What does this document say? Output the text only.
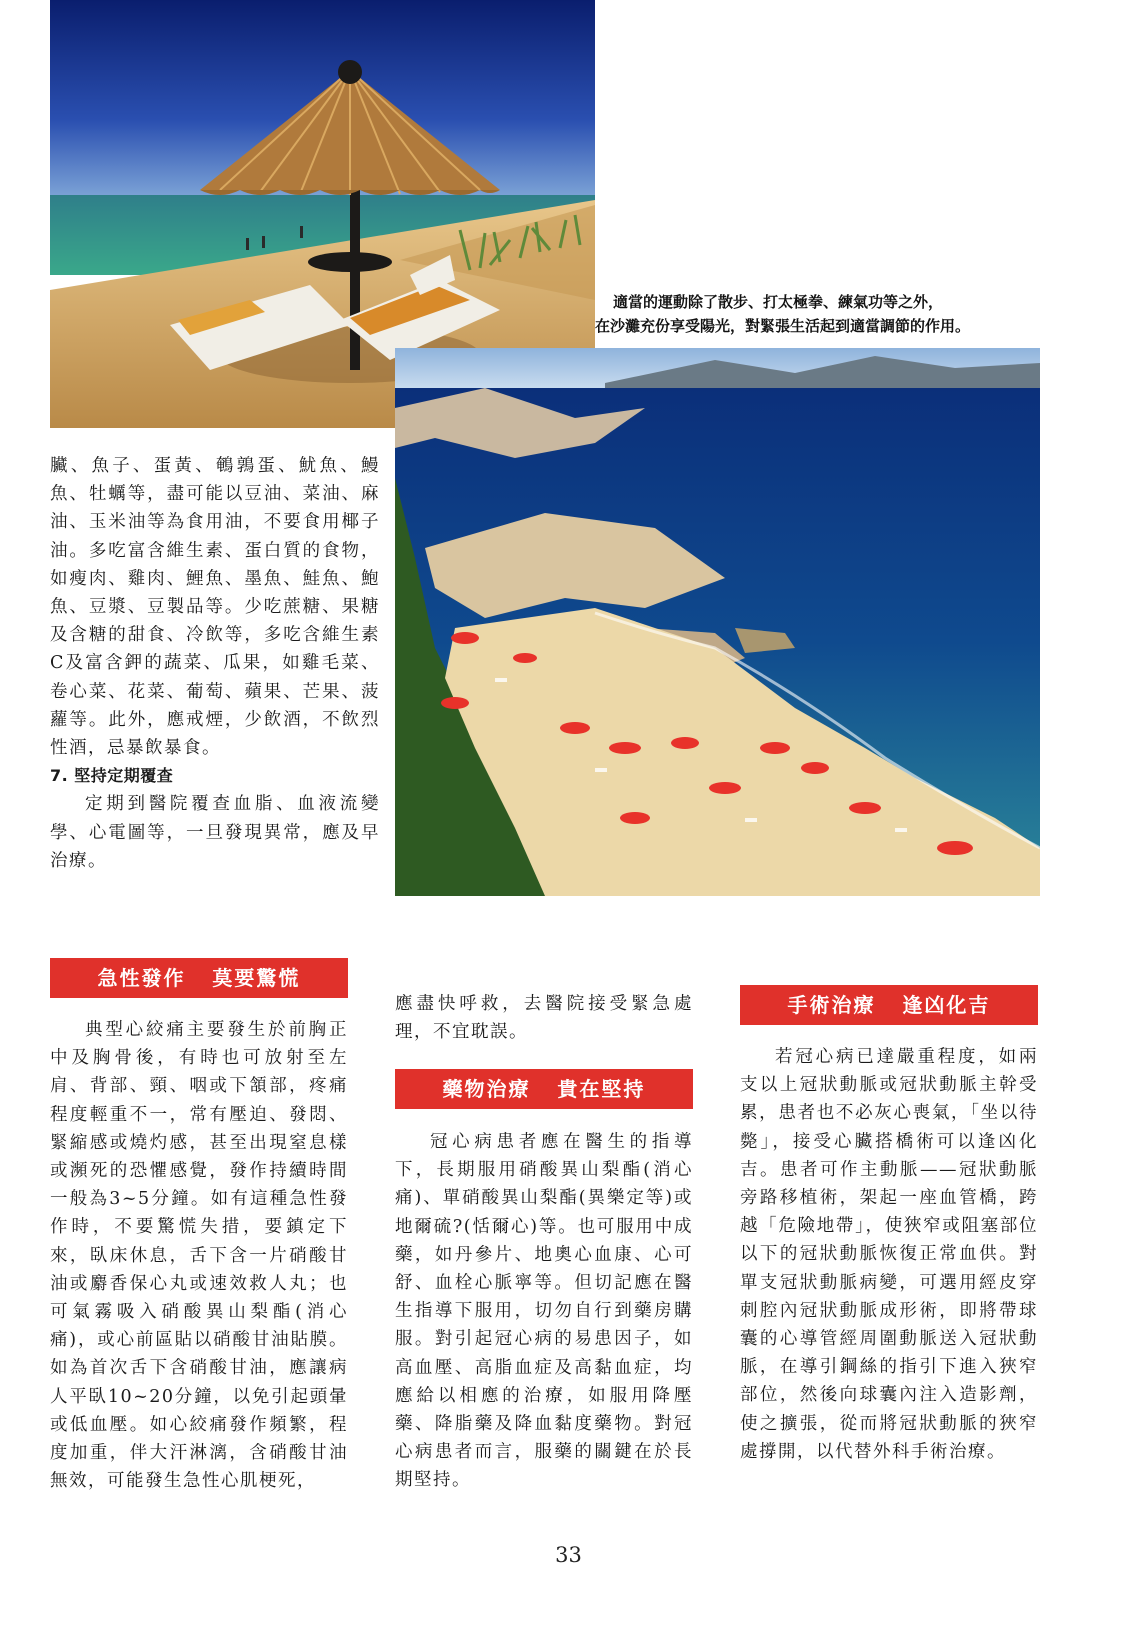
適當的運動除了散步、打太極拳、練氣功等之外，
在沙灘充份享受陽光，對緊張生活起到適當調節的作用。

臟、魚子、蛋黃、鵪鶉蛋、魷魚、鰻魚、牡蠣等，盡可能以豆油、菜油、麻油、玉米油等為食用油，不要食用椰子油。多吃富含維生素、蛋白質的食物，如瘦肉、雞肉、鯉魚、墨魚、鮭魚、鮑魚、豆漿、豆製品等。少吃蔗糖、果糖及含糖的甜食、冷飲等，多吃含維生素C及富含鉀的蔬菜、瓜果，如雞毛菜、卷心菜、花菜、葡萄、蘋果、芒果、菠蘿等。此外，應戒煙，少飲酒，不飲烈性酒，忌暴飲暴食。

7. 堅持定期覆查

定期到醫院覆查血脂、血液流變學、心電圖等，一旦發現異常，應及早治療。

急性發作   莫要驚慌

典型心絞痛主要發生於前胸正中及胸骨後，有時也可放射至左肩、背部、頸、咽或下頷部，疼痛程度輕重不一，常有壓迫、發悶、緊縮感或燒灼感，甚至出現窒息樣或瀕死的恐懼感覺，發作持續時間一般為3~5分鐘。如有這種急性發作時，不要驚慌失措，要鎮定下來，臥床休息，舌下含一片硝酸甘油或麝香保心丸或速效救人丸；也可氣霧吸入硝酸異山梨酯(消心痛)，或心前區貼以硝酸甘油貼膜。如為首次舌下含硝酸甘油，應讓病人平臥10~20分鐘，以免引起頭暈或低血壓。如心絞痛發作頻繁，程度加重，伴大汗淋漓，含硝酸甘油無效，可能發生急性心肌梗死，

應盡快呼救，去醫院接受緊急處理，不宜耽誤。

藥物治療   貴在堅持

冠心病患者應在醫生的指導下，長期服用硝酸異山梨酯(消心痛)、單硝酸異山梨酯(異樂定等)或地爾硫?(恬爾心)等。也可服用中成藥，如丹參片、地奧心血康、心可舒、血栓心脈寧等。但切記應在醫生指導下服用，切勿自行到藥房購服。對引起冠心病的易患因子，如高血壓、高脂血症及高黏血症，均應給以相應的治療，如服用降壓藥、降脂藥及降血黏度藥物。對冠心病患者而言，服藥的關鍵在於長期堅持。

手術治療   逢凶化吉

若冠心病已達嚴重程度，如兩支以上冠狀動脈或冠狀動脈主幹受累，患者也不必灰心喪氣，「坐以待斃」，接受心臟搭橋術可以逢凶化吉。患者可作主動脈——冠狀動脈旁路移植術，架起一座血管橋，跨越「危險地帶」，使狹窄或阻塞部位以下的冠狀動脈恢復正常血供。對單支冠狀動脈病變，可選用經皮穿刺腔內冠狀動脈成形術，即將帶球囊的心導管經周圍動脈送入冠狀動脈，在導引鋼絲的指引下進入狹窄部位，然後向球囊內注入造影劑，使之擴張，從而將冠狀動脈的狹窄處撐開，以代替外科手術治療。

33
